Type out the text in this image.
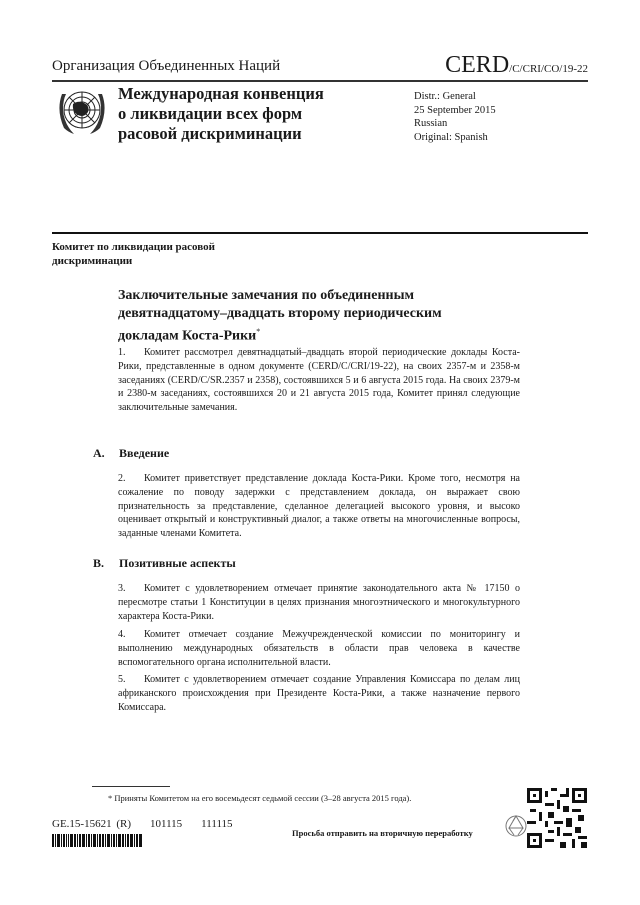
Организация Объединенных Наций	CERD/C/CRI/CO/19-22
Международная конвенция
о ликвидации всех форм
расовой дискриминации
Distr.: General
25 September 2015
Russian
Original: Spanish
Комитет по ликвидации расовой
дискриминации
Заключительные замечания по объединенным
девятнадцатому–двадцать второму периодическим
докладам Коста-Рики*
1. Комитет рассмотрел девятнадцатый–двадцать второй периодические доклады Коста-Рики, представленные в одном документе (CERD/C/CRI/19-22), на своих 2357-м и 2358-м заседаниях (CERD/C/SR.2357 и 2358), состоявшихся 5 и 6 августа 2015 года. На своих 2379-м и 2380-м заседаниях, состоявшихся 20 и 21 августа 2015 года, Комитет принял следующие заключительные замечания.
A. Введение
2. Комитет приветствует представление доклада Коста-Рики. Кроме того, несмотря на сожаление по поводу задержки с представлением доклада, он выражает свою признательность за представление, сделанное делегацией высокого уровня, и высоко оценивает открытый и конструктивный диалог, а также ответы на многочисленные вопросы, заданные членами Комитета.
B. Позитивные аспекты
3. Комитет с удовлетворением отмечает принятие законодательного акта № 17150 о пересмотре статьи 1 Конституции в целях признания многоэтнического и многокультурного характера Коста-Рики.
4. Комитет отмечает создание Межучрежденческой комиссии по мониторингу и выполнению международных обязательств в области прав человека в качестве вспомогательного органа исполнительной власти.
5. Комитет с удовлетворением отмечает создание Управления Комиссара по делам лиц африканского происхождения при Президенте Коста-Рики, а также назначение первого Комиссара.
* Приняты Комитетом на его восемьдесят седьмой сессии (3–28 августа 2015 года).
GE.15-15621 (R)    101115    111115
Просьба отправить на вторичную переработку
